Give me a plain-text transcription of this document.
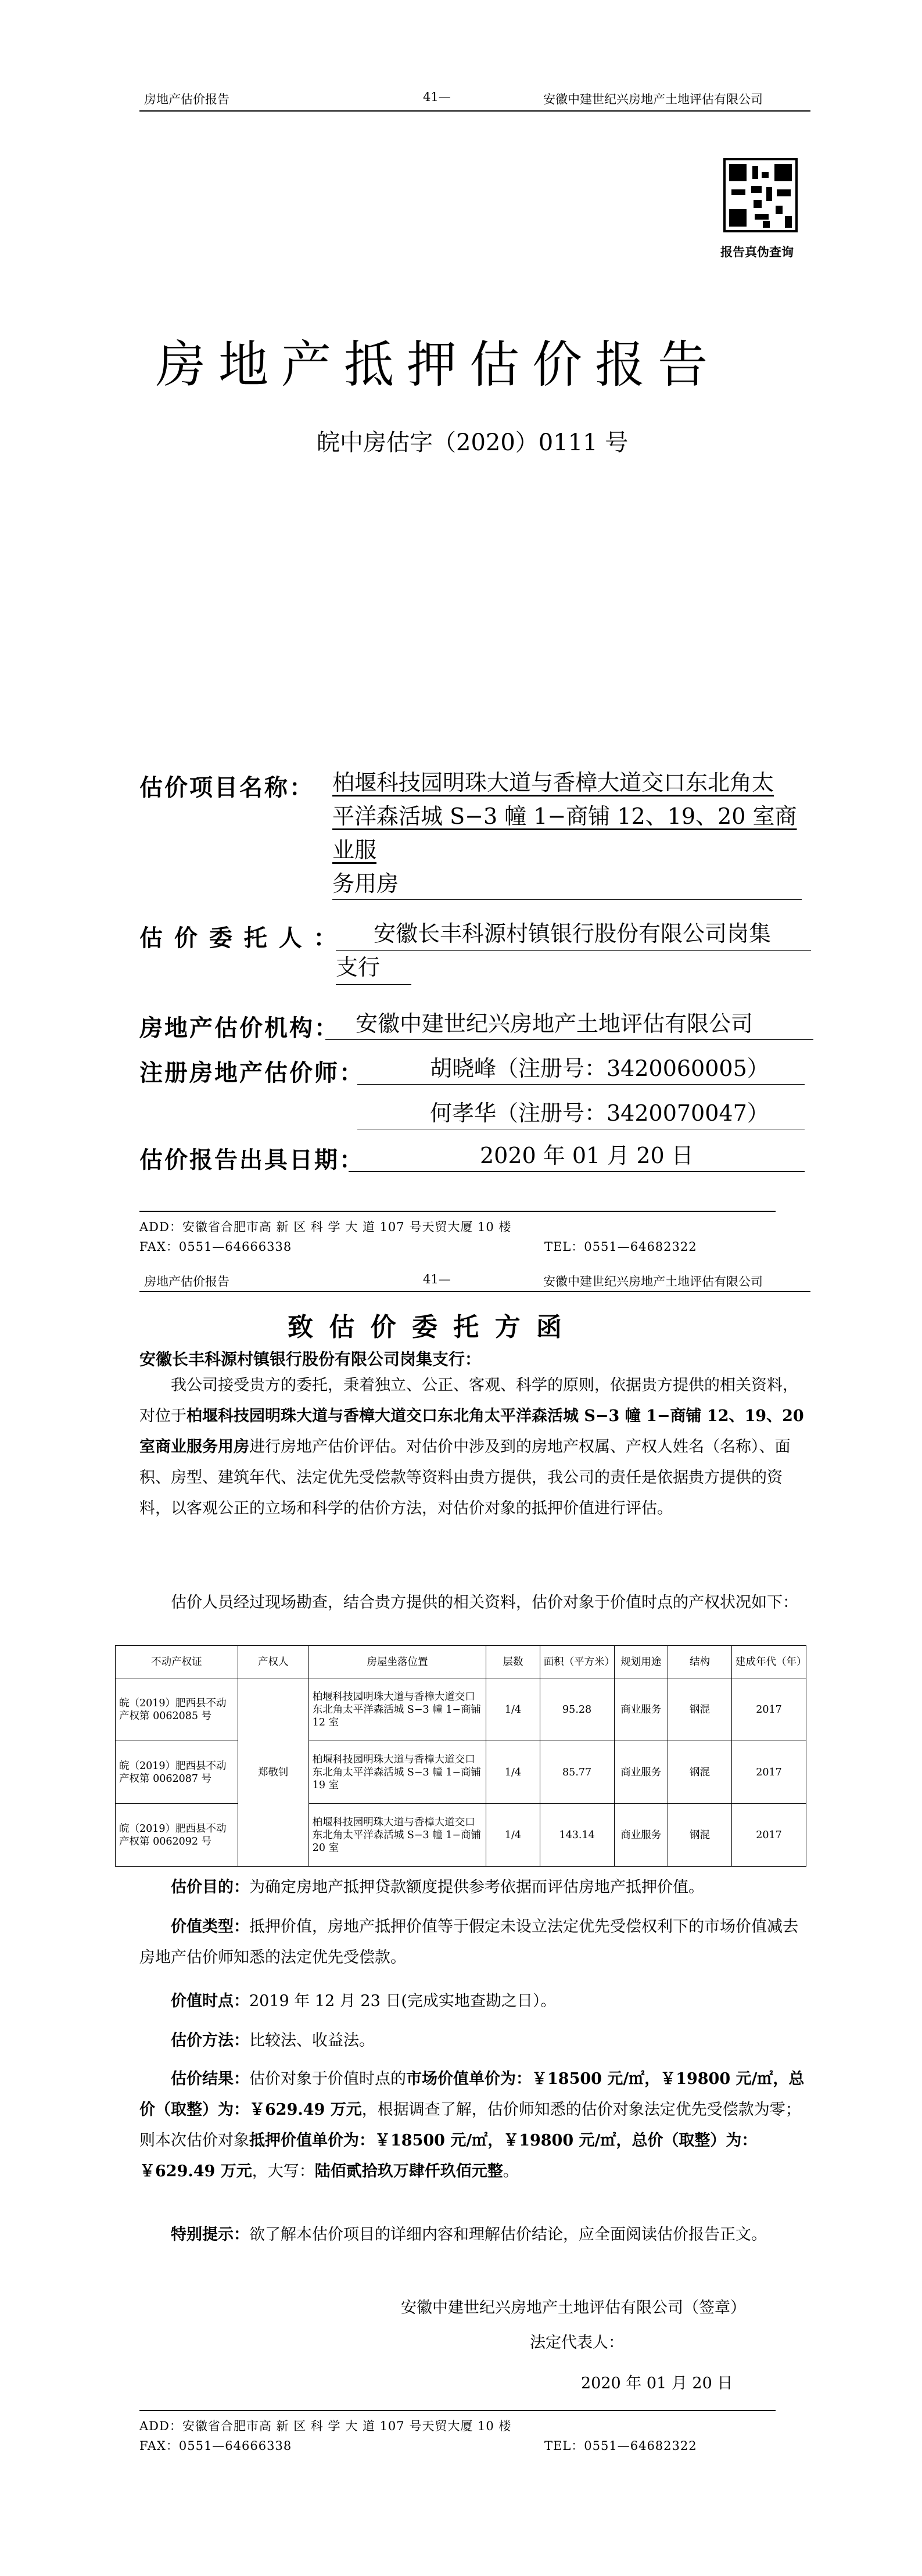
房地产估价报告	41—	安徽中建世纪兴房地产土地评估有限公司
报告真伪查询
房地产抵押估价报告
皖中房估字（2020）0111 号
估价项目名称： 柏堰科技园明珠大道与香樟大道交口东北角太
平洋森活城 S−3 幢 1−商铺 12、19、20 室商业服
务用房
估 价 委 托 人 ：	安徽长丰科源村镇银行股份有限公司岗集
支行
房地产估价机构： 安徽中建世纪兴房地产土地评估有限公司
注册房地产估价师：	胡晓峰（注册号：3420060005）
何孝华（注册号：3420070047）
估价报告出具日期：	2020 年 01 月 20 日
ADD：安徽省合肥市高 新 区 科 学 大 道 107 号天贸大厦 10 楼
FAX：0551—64666338	TEL：0551—64682322
房地产估价报告	41—	安徽中建世纪兴房地产土地评估有限公司
致 估 价 委 托 方 函
安徽长丰科源村镇银行股份有限公司岗集支行：
我公司接受贵方的委托，秉着独立、公正、客观、科学的原则，依据贵方提供的相关资料，对位于柏堰科技园明珠大道与香樟大道交口东北角太平洋森活城 S−3 幢 1−商铺 12、19、20 室商业服务用房进行房地产估价评估。对估价中涉及到的房地产权属、产权人姓名（名称）、面积、房型、建筑年代、法定优先受偿款等资料由贵方提供，我公司的责任是依据贵方提供的资料，以客观公正的立场和科学的估价方法，对估价对象的抵押价值进行评估。
估价人员经过现场勘查，结合贵方提供的相关资料，估价对象于价值时点的产权状况如下：
不动产权证	产权人	房屋坐落位置	层数	面积（平方米）	规划用途	结构	建成年代（年）
皖（2019）肥西县不动产权第 0062085 号	郑敬钊	柏堰科技园明珠大道与香樟大道交口东北角太平洋森活城 S−3 幢 1−商铺 12 室	1/4	95.28	商业服务	钢混	2017
皖（2019）肥西县不动产权第 0062087 号		柏堰科技园明珠大道与香樟大道交口东北角太平洋森活城 S−3 幢 1−商铺 19 室	1/4	85.77	商业服务	钢混	2017
皖（2019）肥西县不动产权第 0062092 号		柏堰科技园明珠大道与香樟大道交口东北角太平洋森活城 S−3 幢 1−商铺 20 室	1/4	143.14	商业服务	钢混	2017
估价目的：为确定房地产抵押贷款额度提供参考依据而评估房地产抵押价值。
价值类型：抵押价值，房地产抵押价值等于假定未设立法定优先受偿权利下的市场价值减去房地产估价师知悉的法定优先受偿款。
价值时点：2019 年 12 月 23 日(完成实地查勘之日）。
估价方法：比较法、收益法。
估价结果：估价对象于价值时点的市场价值单价为：￥18500 元/㎡，￥19800 元/㎡，总价（取整）为：￥629.49 万元，根据调查了解，估价师知悉的估价对象法定优先受偿款为零；则本次估价对象抵押价值单价为：￥18500 元/㎡，￥19800 元/㎡，总价（取整）为：￥629.49 万元，大写：陆佰贰拾玖万肆仟玖佰元整。
特别提示：欲了解本估价项目的详细内容和理解估价结论，应全面阅读估价报告正文。
安徽中建世纪兴房地产土地评估有限公司（签章）
法定代表人：
2020 年 01 月 20 日
ADD：安徽省合肥市高 新 区 科 学 大 道 107 号天贸大厦 10 楼
FAX：0551—64666338	TEL：0551—64682322
